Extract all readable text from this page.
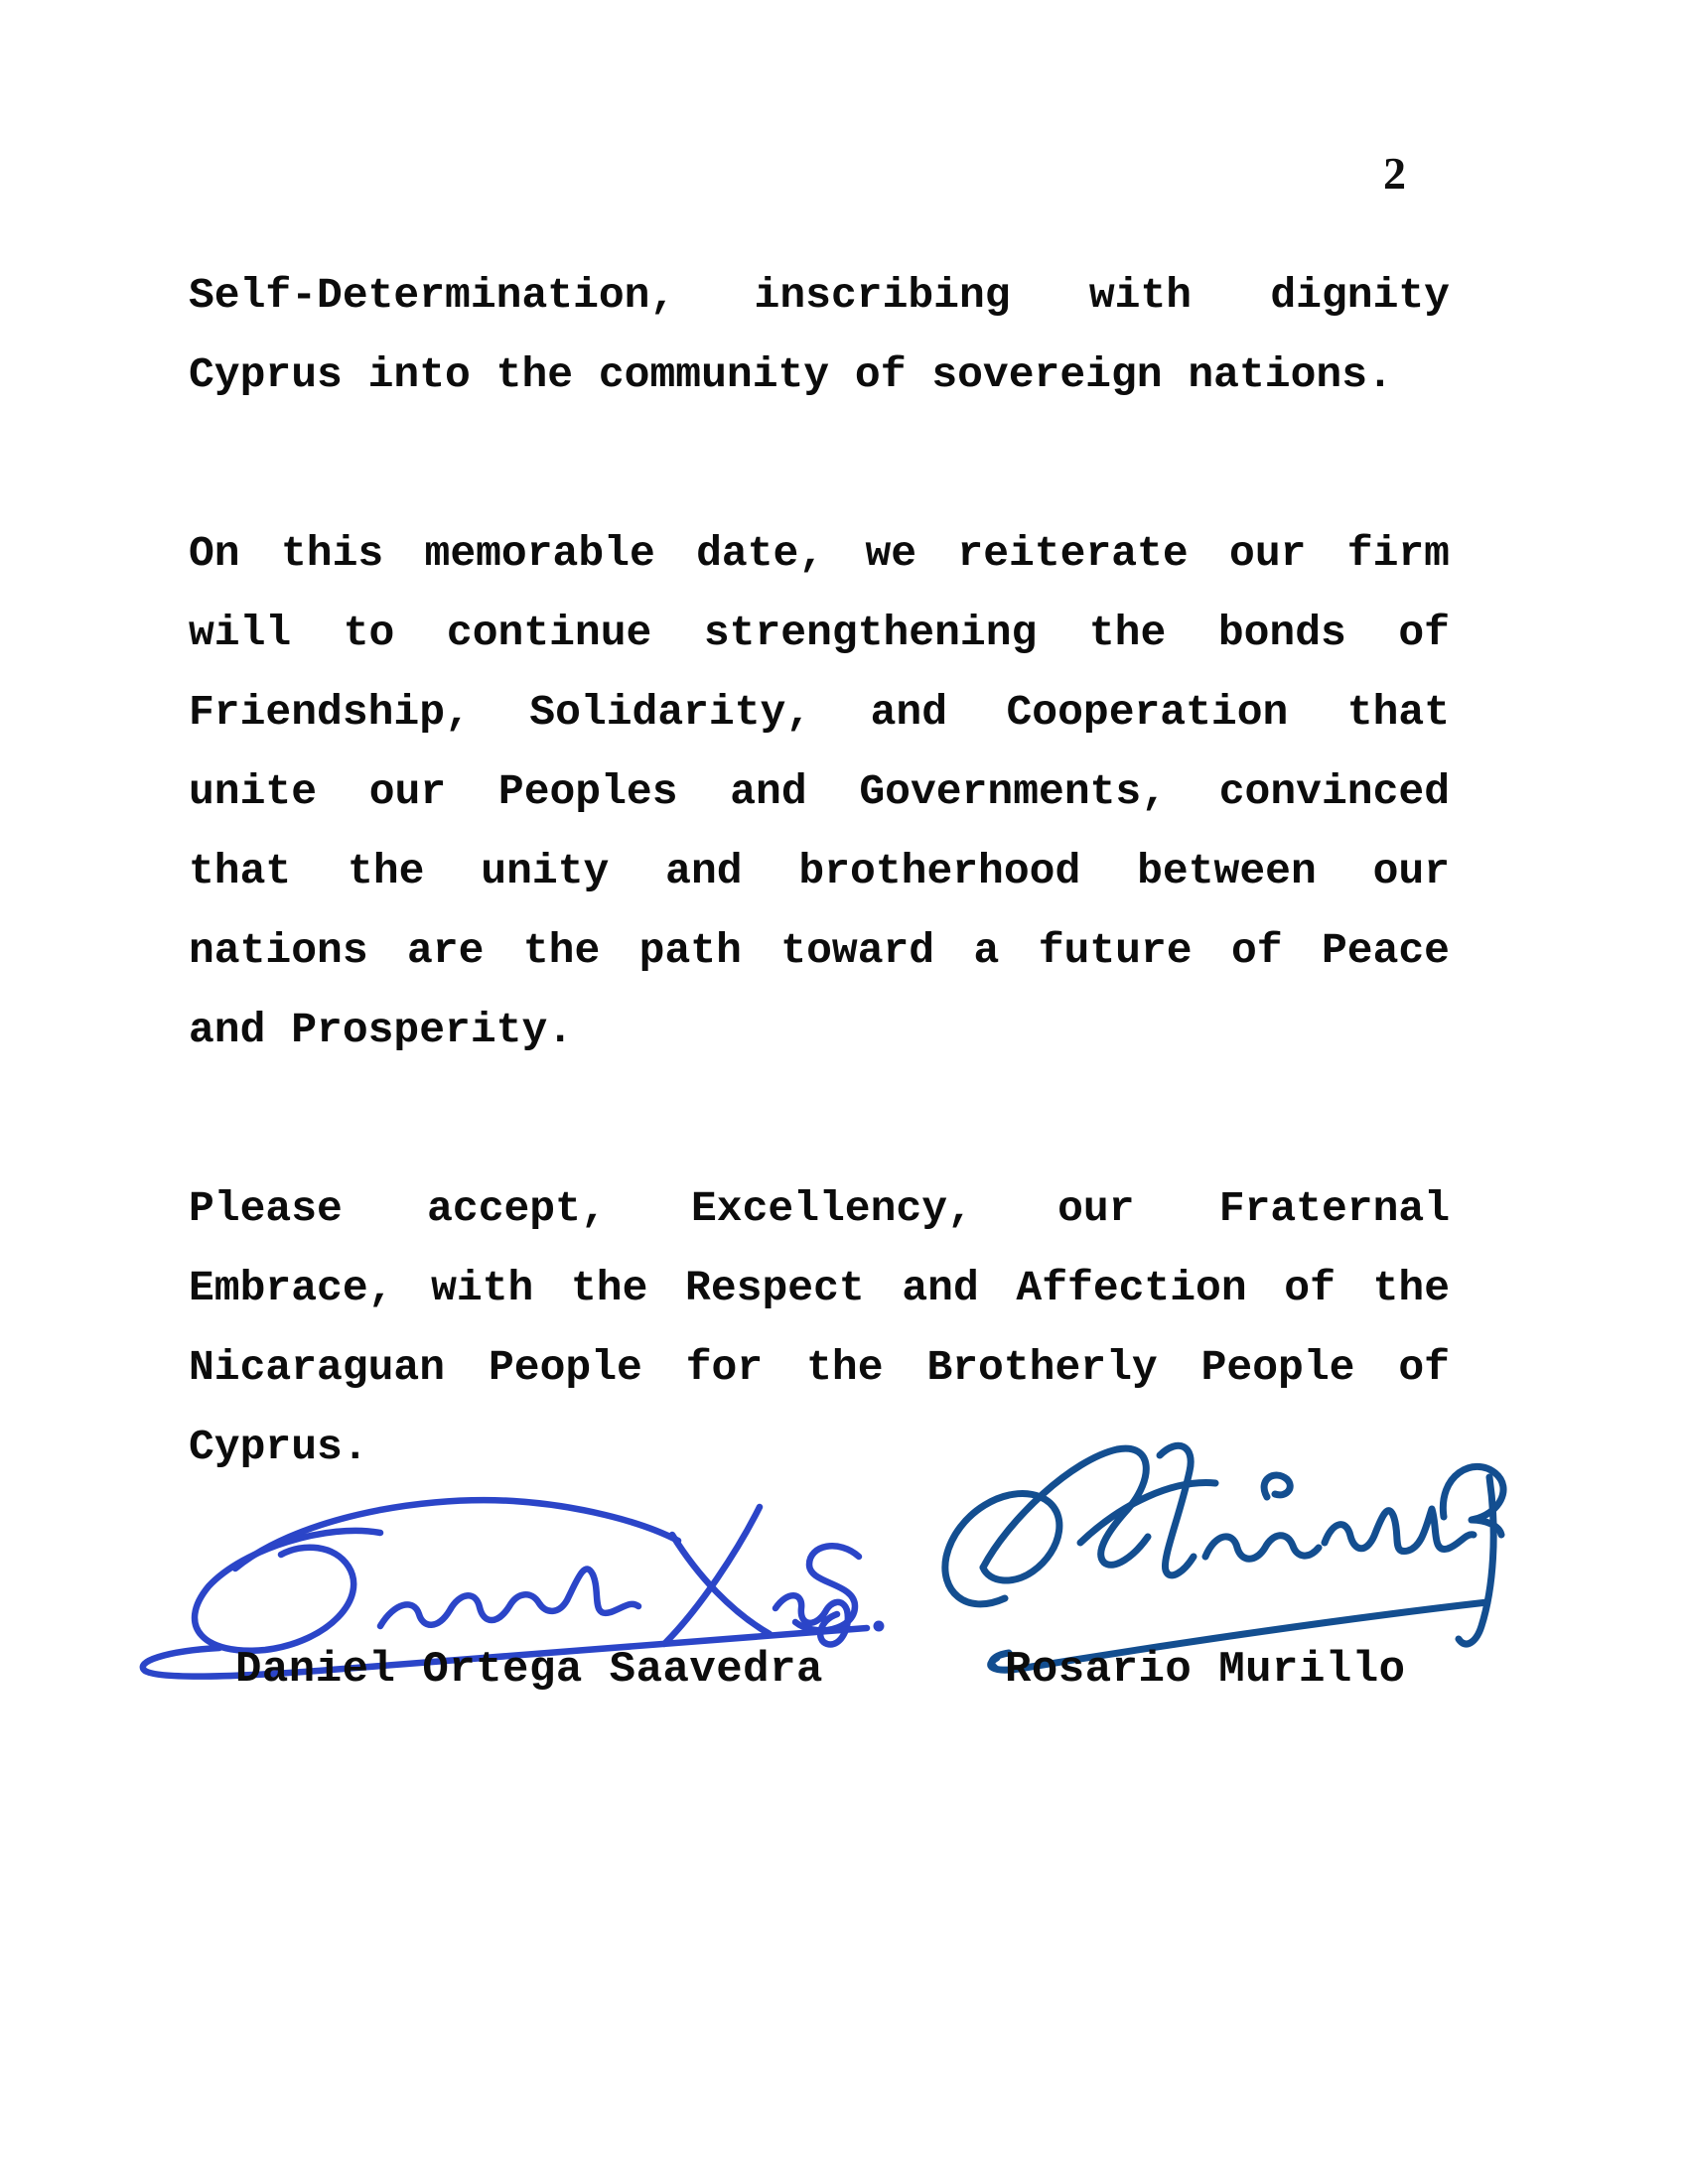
2
Self-Determination, inscribing with dignity
Cyprus into the community of sovereign nations.
On this memorable date, we reiterate our firm
will to continue strengthening the bonds of
Friendship, Solidarity, and Cooperation that
unite our Peoples and Governments, convinced
that the unity and brotherhood between our
nations are the path toward a future of Peace
and Prosperity.
Please accept, Excellency, our Fraternal
Embrace, with the Respect and Affection of the
Nicaraguan People for the Brotherly People of
Cyprus.
Daniel Ortega Saavedra	Rosario Murillo
